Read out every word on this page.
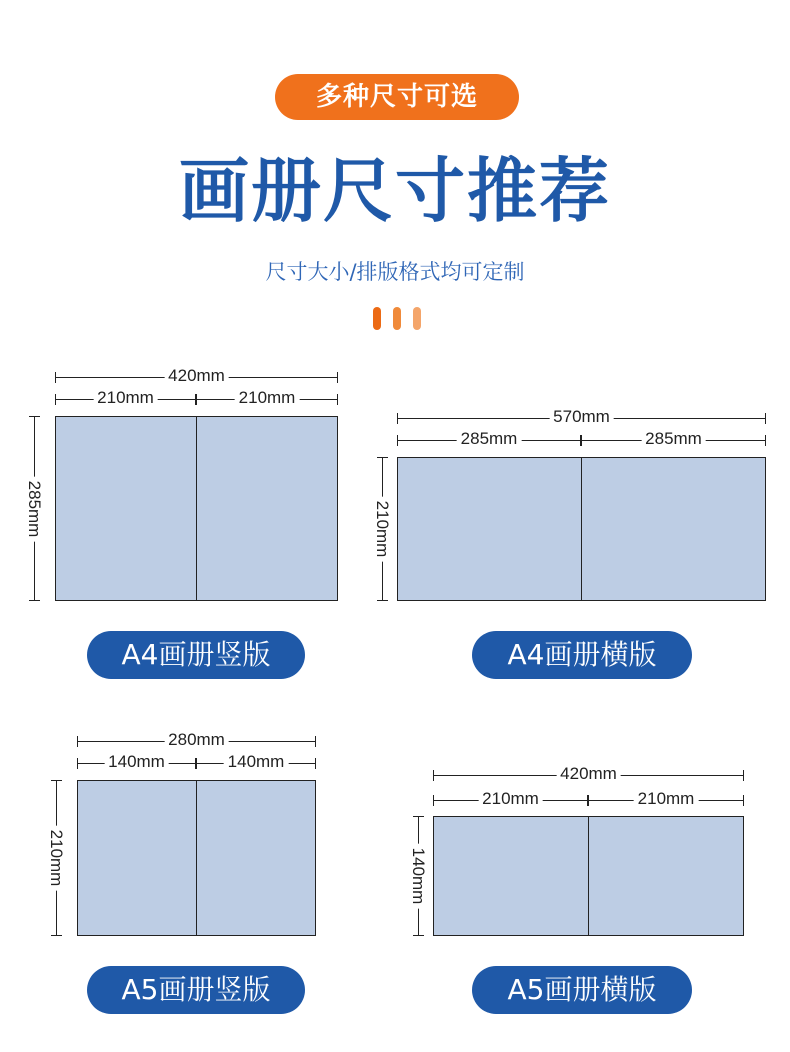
多种尺寸可选
画册尺寸推荐
尺寸大小/排版格式均可定制
420mm
210mm	210mm
285mm
A4画册竖版
570mm
285mm	285mm
210mm
A4画册横版
280mm
140mm	140mm
210mm
A5画册竖版
420mm
210mm	210mm
140mm
A5画册横版
